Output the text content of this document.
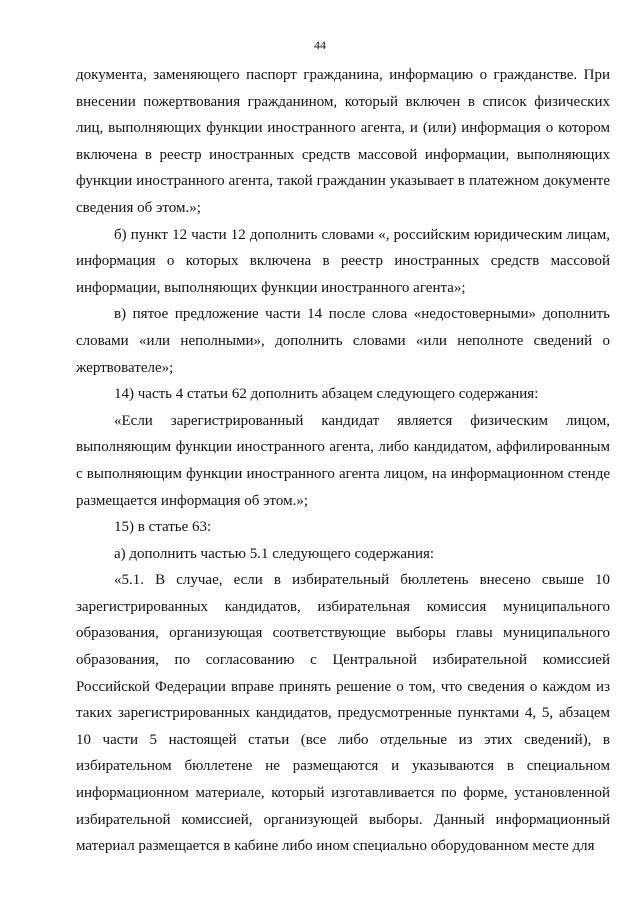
44

документа, заменяющего паспорт гражданина, информацию о гражданстве. При внесении пожертвования гражданином, который включен в список физических лиц, выполняющих функции иностранного агента, и (или) информация о котором включена в реестр иностранных средств массовой информации, выполняющих функции иностранного агента, такой гражданин указывает в платежном документе сведения об этом.»;

б) пункт 12 части 12 дополнить словами «, российским юридическим лицам, информация о которых включена в реестр иностранных средств массовой информации, выполняющих функции иностранного агента»;

в) пятое предложение части 14 после слова «недостоверными» дополнить словами «или неполными», дополнить словами «или неполноте сведений о жертвователе»;

14) часть 4 статьи 62 дополнить абзацем следующего содержания:

«Если зарегистрированный кандидат является физическим лицом, выполняющим функции иностранного агента, либо кандидатом, аффилированным с выполняющим функции иностранного агента лицом, на информационном стенде размещается информация об этом.»;

15) в статье 63:

а) дополнить частью 5.1 следующего содержания:

«5.1. В случае, если в избирательный бюллетень внесено свыше 10 зарегистрированных кандидатов, избирательная комиссия муниципального образования, организующая соответствующие выборы главы муниципального образования, по согласованию с Центральной избирательной комиссией Российской Федерации вправе принять решение о том, что сведения о каждом из таких зарегистрированных кандидатов, предусмотренные пунктами 4, 5, абзацем 10 части 5 настоящей статьи (все либо отдельные из этих сведений), в избирательном бюллетене не размещаются и указываются в специальном информационном материале, который изготавливается по форме, установленной избирательной комиссией, организующей выборы. Данный информационный материал размещается в кабине либо ином специально оборудованном месте для
